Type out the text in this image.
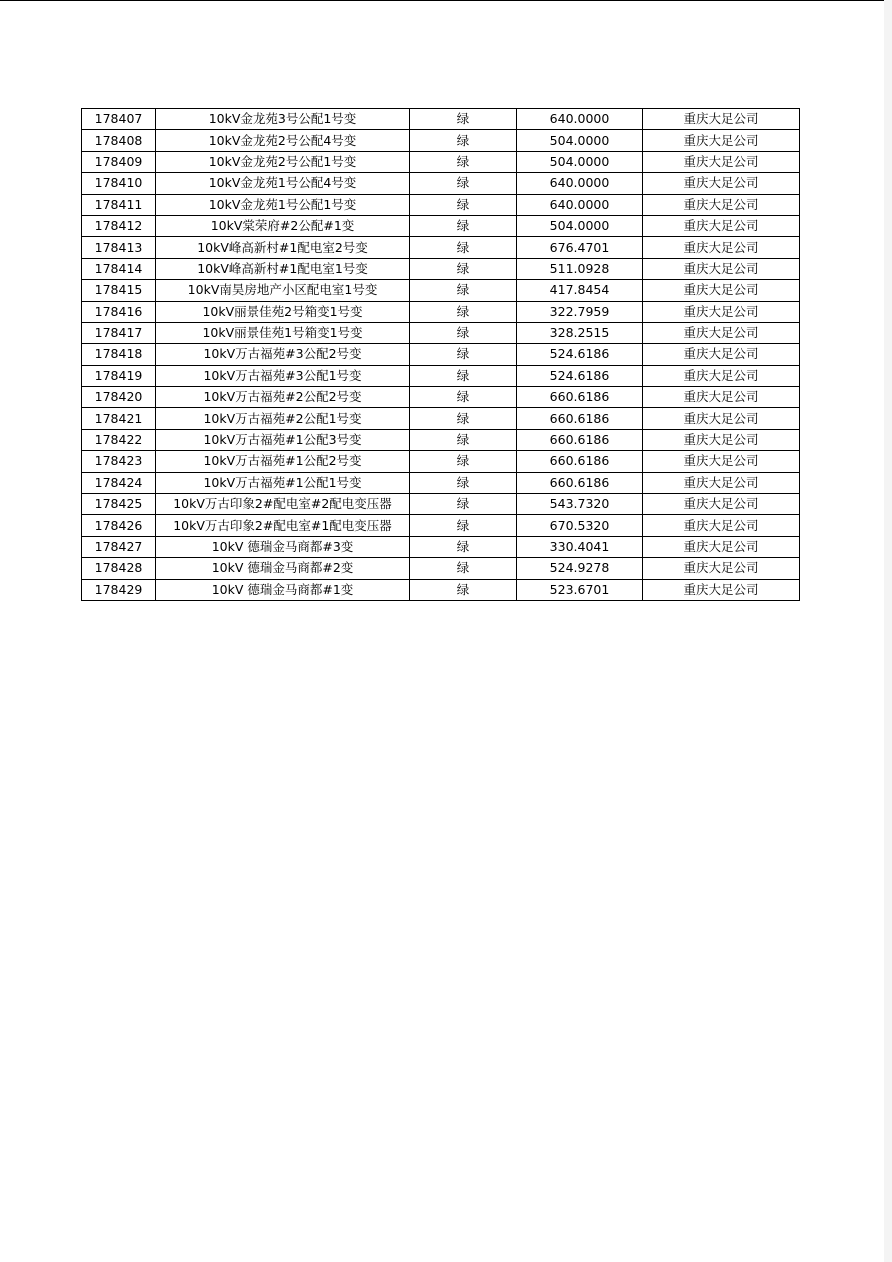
178407	10kV金龙苑3号公配1号变	绿	640.0000	重庆大足公司
178408	10kV金龙苑2号公配4号变	绿	504.0000	重庆大足公司
178409	10kV金龙苑2号公配1号变	绿	504.0000	重庆大足公司
178410	10kV金龙苑1号公配4号变	绿	640.0000	重庆大足公司
178411	10kV金龙苑1号公配1号变	绿	640.0000	重庆大足公司
178412	10kV棠荣府#2公配#1变	绿	504.0000	重庆大足公司
178413	10kV峰高新村#1配电室2号变	绿	676.4701	重庆大足公司
178414	10kV峰高新村#1配电室1号变	绿	511.0928	重庆大足公司
178415	10kV南昊房地产小区配电室1号变	绿	417.8454	重庆大足公司
178416	10kV丽景佳苑2号箱变1号变	绿	322.7959	重庆大足公司
178417	10kV丽景佳苑1号箱变1号变	绿	328.2515	重庆大足公司
178418	10kV万古福苑#3公配2号变	绿	524.6186	重庆大足公司
178419	10kV万古福苑#3公配1号变	绿	524.6186	重庆大足公司
178420	10kV万古福苑#2公配2号变	绿	660.6186	重庆大足公司
178421	10kV万古福苑#2公配1号变	绿	660.6186	重庆大足公司
178422	10kV万古福苑#1公配3号变	绿	660.6186	重庆大足公司
178423	10kV万古福苑#1公配2号变	绿	660.6186	重庆大足公司
178424	10kV万古福苑#1公配1号变	绿	660.6186	重庆大足公司
178425	10kV万古印象2#配电室#2配电变压器	绿	543.7320	重庆大足公司
178426	10kV万古印象2#配电室#1配电变压器	绿	670.5320	重庆大足公司
178427	10kV 德瑞金马商都#3变	绿	330.4041	重庆大足公司
178428	10kV 德瑞金马商都#2变	绿	524.9278	重庆大足公司
178429	10kV 德瑞金马商都#1变	绿	523.6701	重庆大足公司
